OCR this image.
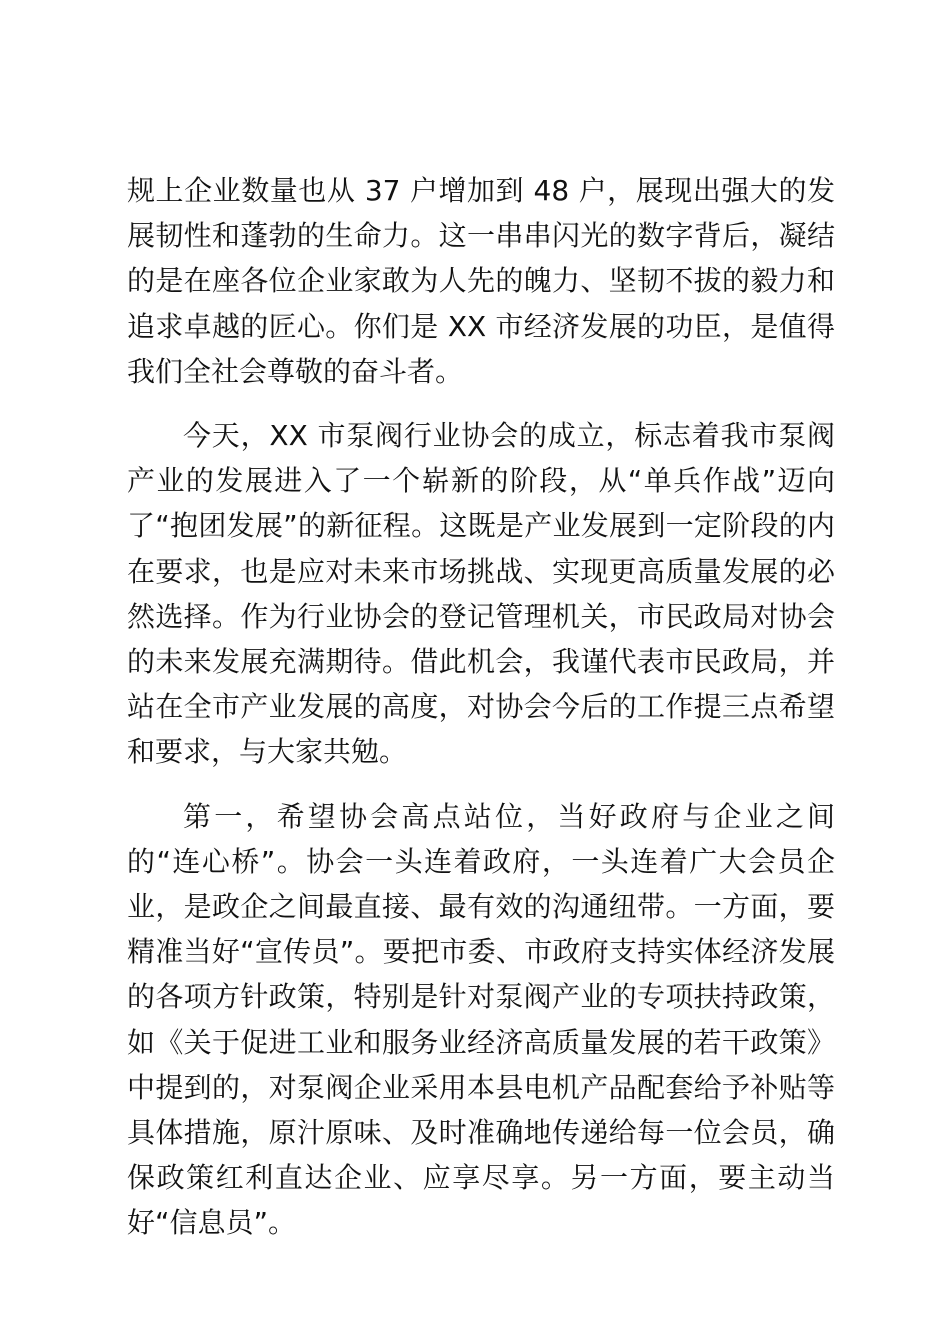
规上企业数量也从 37 户增加到 48 户，展现出强大的发展韧性和蓬勃的生命力。这一串串闪光的数字背后，凝结的是在座各位企业家敢为人先的魄力、坚韧不拔的毅力和追求卓越的匠心。你们是 XX 市经济发展的功臣，是值得我们全社会尊敬的奋斗者。

今天，XX 市泵阀行业协会的成立，标志着我市泵阀产业的发展进入了一个崭新的阶段，从“单兵作战”迈向了“抱团发展”的新征程。这既是产业发展到一定阶段的内在要求，也是应对未来市场挑战、实现更高质量发展的必然选择。作为行业协会的登记管理机关，市民政局对协会的未来发展充满期待。借此机会，我谨代表市民政局，并站在全市产业发展的高度，对协会今后的工作提三点希望和要求，与大家共勉。

第一，希望协会高点站位，当好政府与企业之间的“连心桥”。协会一头连着政府，一头连着广大会员企业，是政企之间最直接、最有效的沟通纽带。一方面，要精准当好“宣传员”。要把市委、市政府支持实体经济发展的各项方针政策，特别是针对泵阀产业的专项扶持政策，如《关于促进工业和服务业经济高质量发展的若干政策》中提到的，对泵阀企业采用本县电机产品配套给予补贴等具体措施，原汁原味、及时准确地传递给每一位会员，确保政策红利直达企业、应享尽享。另一方面，要主动当好“信息员”。
